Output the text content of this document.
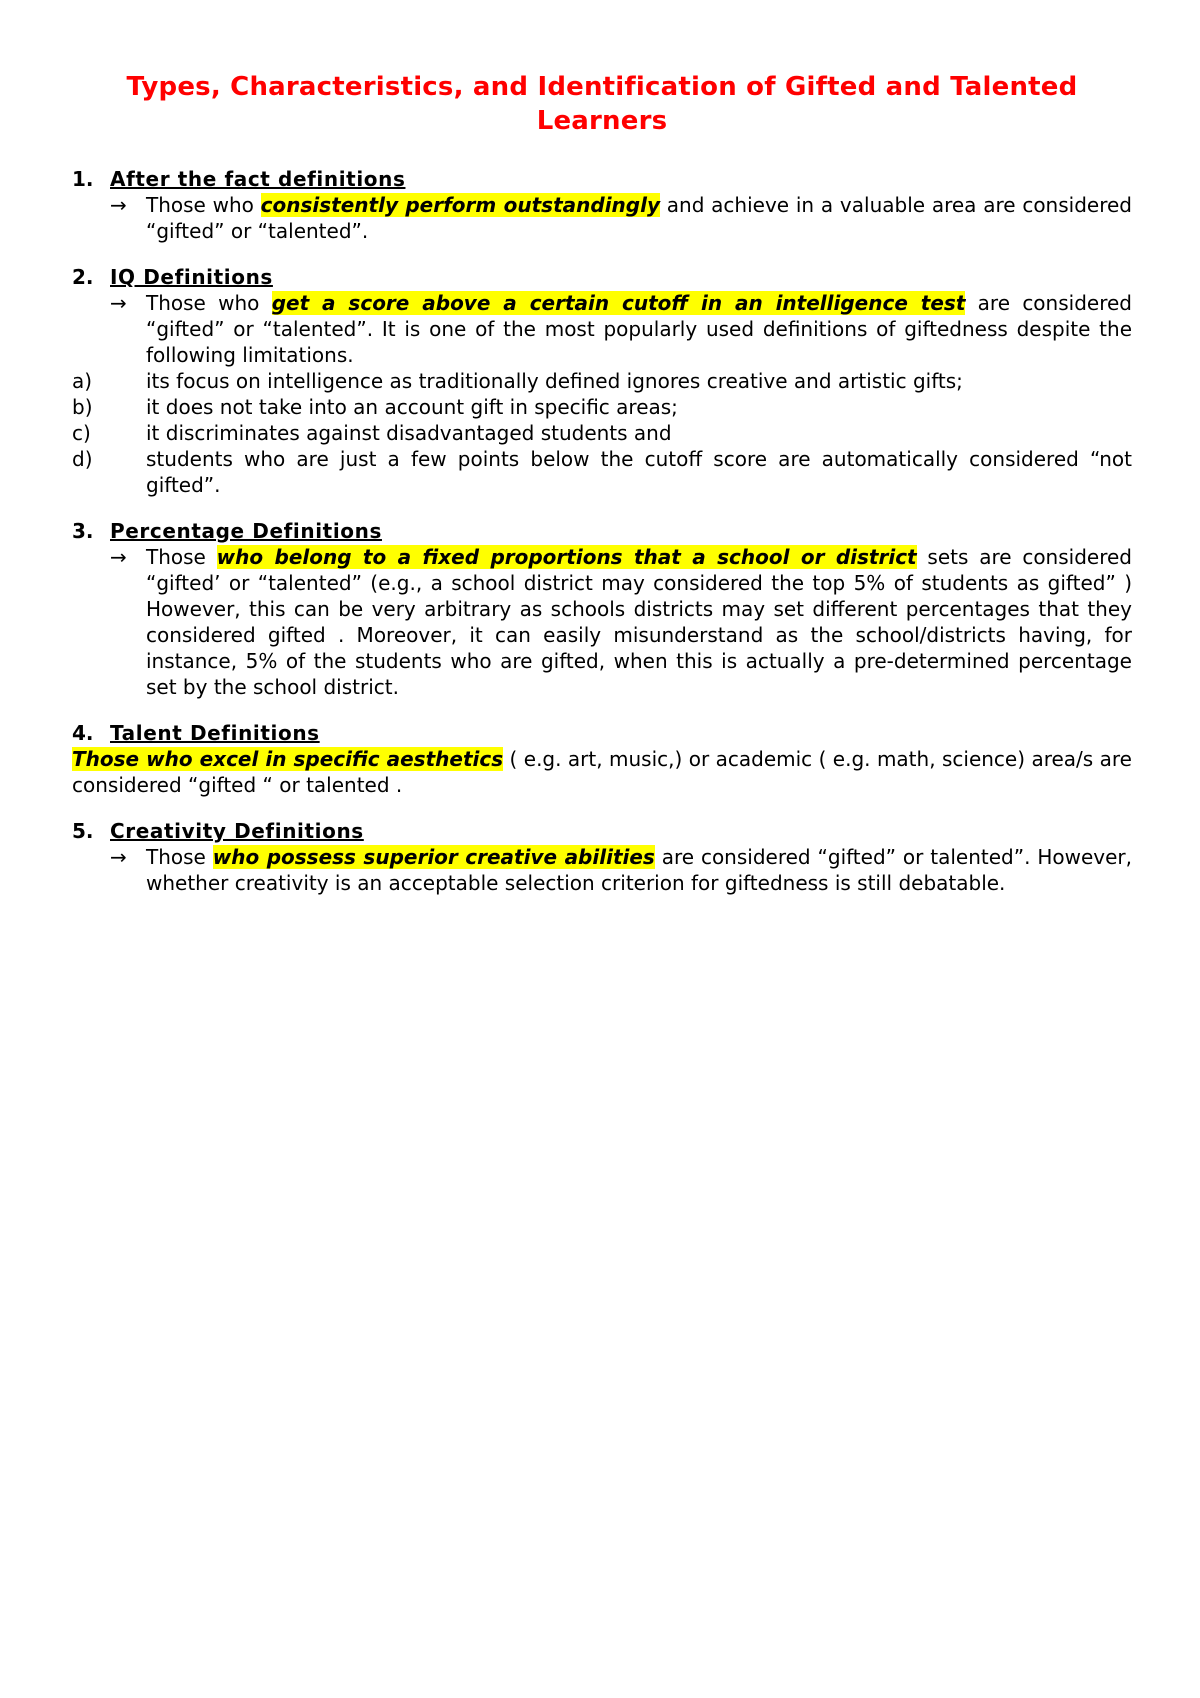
Types, Characteristics, and Identification of Gifted and Talented
Learners
1. After the fact definitions
→ Those who consistently perform outstandingly and achieve in a valuable area are considered “gifted” or “talented”.
2. IQ Definitions
→ Those who get a score above a certain cutoff in an intelligence test are considered “gifted” or “talented”. It is one of the most popularly used definitions of giftedness despite the following limitations.
a)	its focus on intelligence as traditionally defined ignores creative and artistic gifts;
b)	it does not take into an account gift in specific areas;
c)	it discriminates against disadvantaged students and
d)	students who are just a few points below the cutoff score are automatically considered “not gifted”.
3. Percentage Definitions
→ Those who belong to a fixed proportions that a school or district sets are considered “gifted’ or “talented” (e.g., a school district may considered the top 5% of students as gifted” ) However, this can be very arbitrary as schools districts may set different percentages that they considered gifted . Moreover, it can easily misunderstand as the school/districts having, for instance, 5% of the students who are gifted, when this is actually a pre-determined percentage set by the school district.
4. Talent Definitions
Those who excel in specific aesthetics ( e.g. art, music,) or academic ( e.g. math, science) area/s are considered “gifted “ or talented .
5. Creativity Definitions
→ Those who possess superior creative abilities are considered “gifted” or talented”. However, whether creativity is an acceptable selection criterion for giftedness is still debatable.
